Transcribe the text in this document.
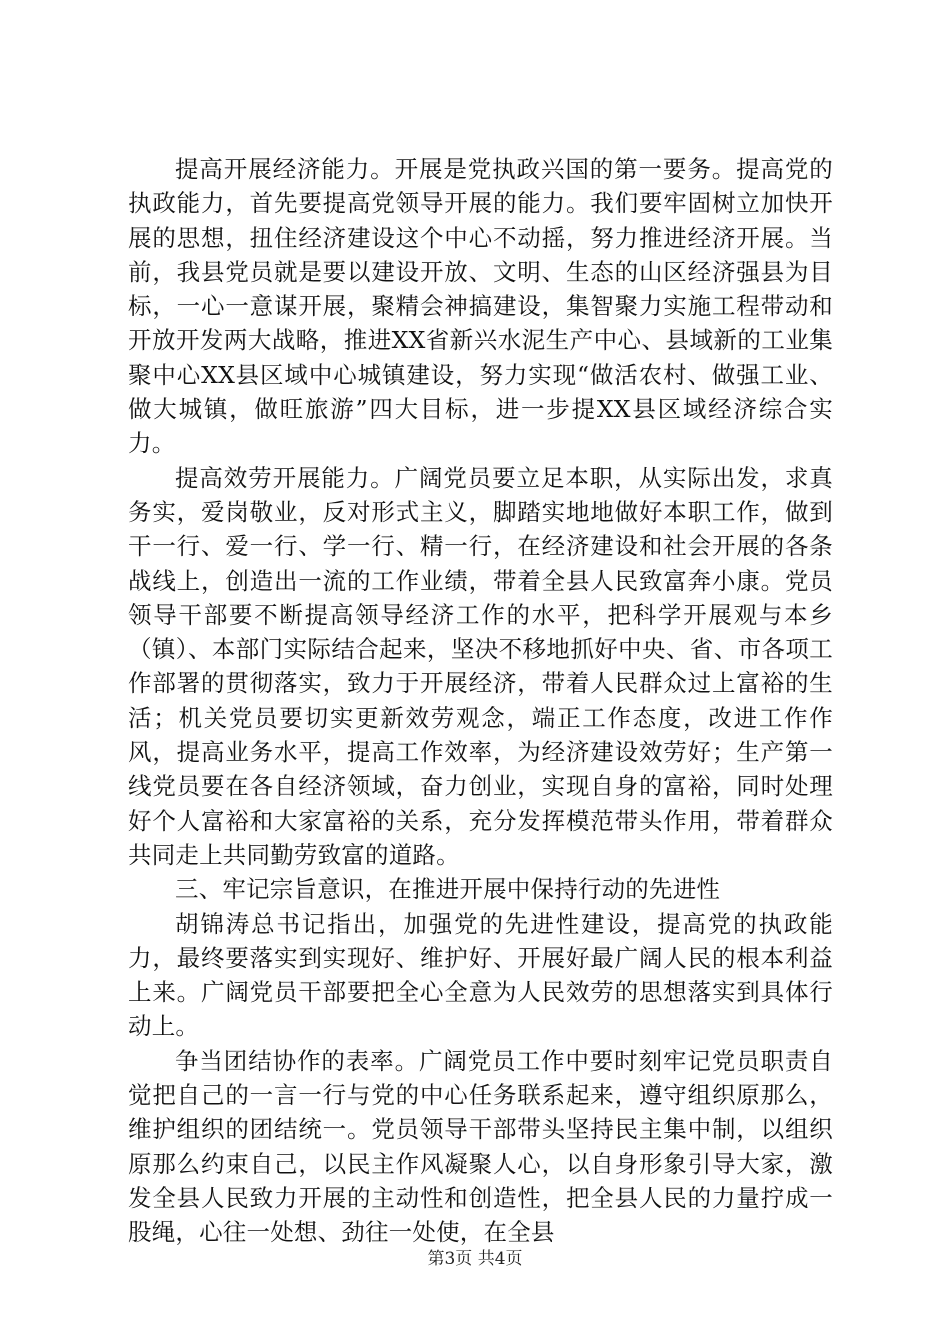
提高开展经济能力。开展是党执政兴国的第一要务。提高党的执政能力，首先要提高党领导开展的能力。我们要牢固树立加快开展的思想，扭住经济建设这个中心不动摇，努力推进经济开展。当前，我县党员就是要以建设开放、文明、生态的山区经济强县为目标，一心一意谋开展，聚精会神搞建设，集智聚力实施工程带动和开放开发两大战略，推进XX省新兴水泥生产中心、县域新的工业集聚中心XX县区域中心城镇建设，努力实现“做活农村、做强工业、做大城镇，做旺旅游”四大目标，进一步提XX县区域经济综合实力。

提高效劳开展能力。广阔党员要立足本职，从实际出发，求真务实，爱岗敬业，反对形式主义，脚踏实地地做好本职工作，做到干一行、爱一行、学一行、精一行，在经济建设和社会开展的各条战线上，创造出一流的工作业绩，带着全县人民致富奔小康。党员领导干部要不断提高领导经济工作的水平，把科学开展观与本乡（镇）、本部门实际结合起来，坚决不移地抓好中央、省、市各项工作部署的贯彻落实，致力于开展经济，带着人民群众过上富裕的生活；机关党员要切实更新效劳观念，端正工作态度，改进工作作风，提高业务水平，提高工作效率，为经济建设效劳好；生产第一线党员要在各自经济领域，奋力创业，实现自身的富裕，同时处理好个人富裕和大家富裕的关系，充分发挥模范带头作用，带着群众共同走上共同勤劳致富的道路。

三、牢记宗旨意识，在推进开展中保持行动的先进性

胡锦涛总书记指出，加强党的先进性建设，提高党的执政能力，最终要落实到实现好、维护好、开展好最广阔人民的根本利益上来。广阔党员干部要把全心全意为人民效劳的思想落实到具体行动上。

争当团结协作的表率。广阔党员工作中要时刻牢记党员职责自觉把自己的一言一行与党的中心任务联系起来，遵守组织原那么，维护组织的团结统一。党员领导干部带头坚持民主集中制，以组织原那么约束自己，以民主作风凝聚人心，以自身形象引导大家，激发全县人民致力开展的主动性和创造性，把全县人民的力量拧成一股绳，心往一处想、劲往一处使，在全县

第3页 共4页
